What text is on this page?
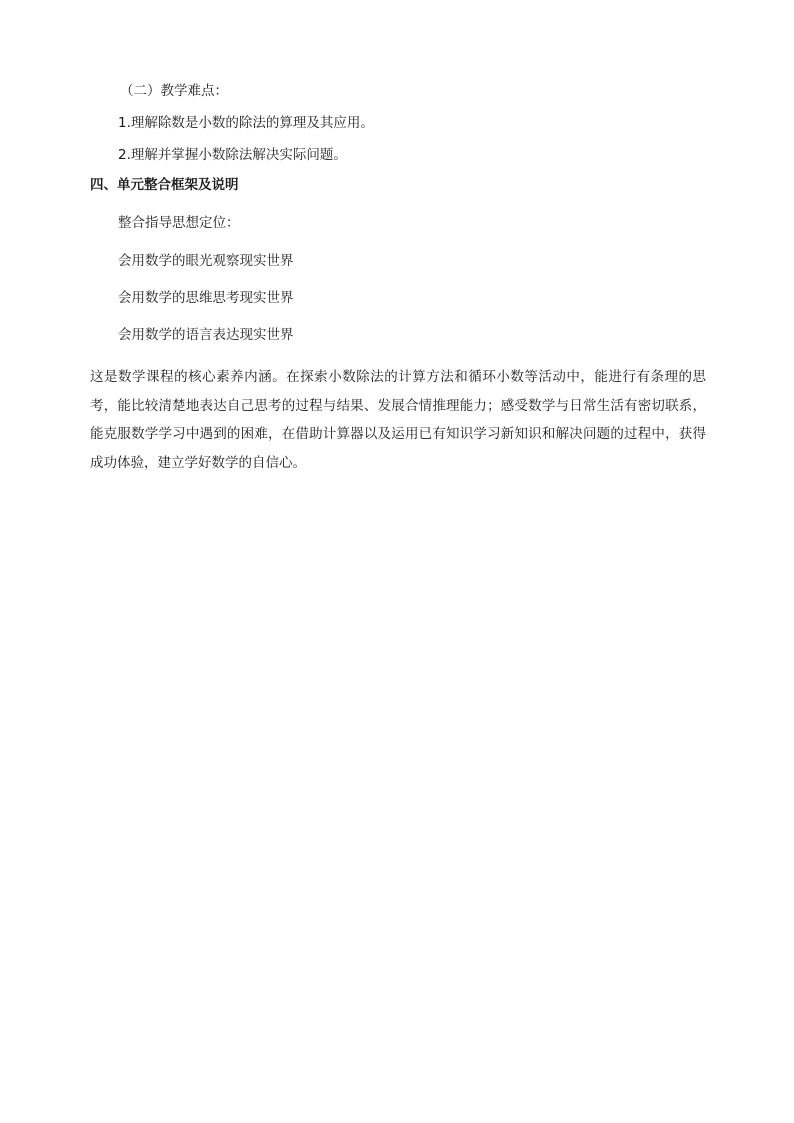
（二）教学难点：
1.理解除数是小数的除法的算理及其应用。
2.理解并掌握小数除法解决实际问题。
四、单元整合框架及说明
整合指导思想定位：
会用数学的眼光观察现实世界
会用数学的思维思考现实世界
会用数学的语言表达现实世界
这是数学课程的核心素养内涵。在探索小数除法的计算方法和循环小数等活动中，能进行有条理的思考，能比较清楚地表达自己思考的过程与结果、发展合情推理能力；感受数学与日常生活有密切联系，能克服数学学习中遇到的困难，在借助计算器以及运用已有知识学习新知识和解决问题的过程中，获得成功体验，建立学好数学的自信心。
